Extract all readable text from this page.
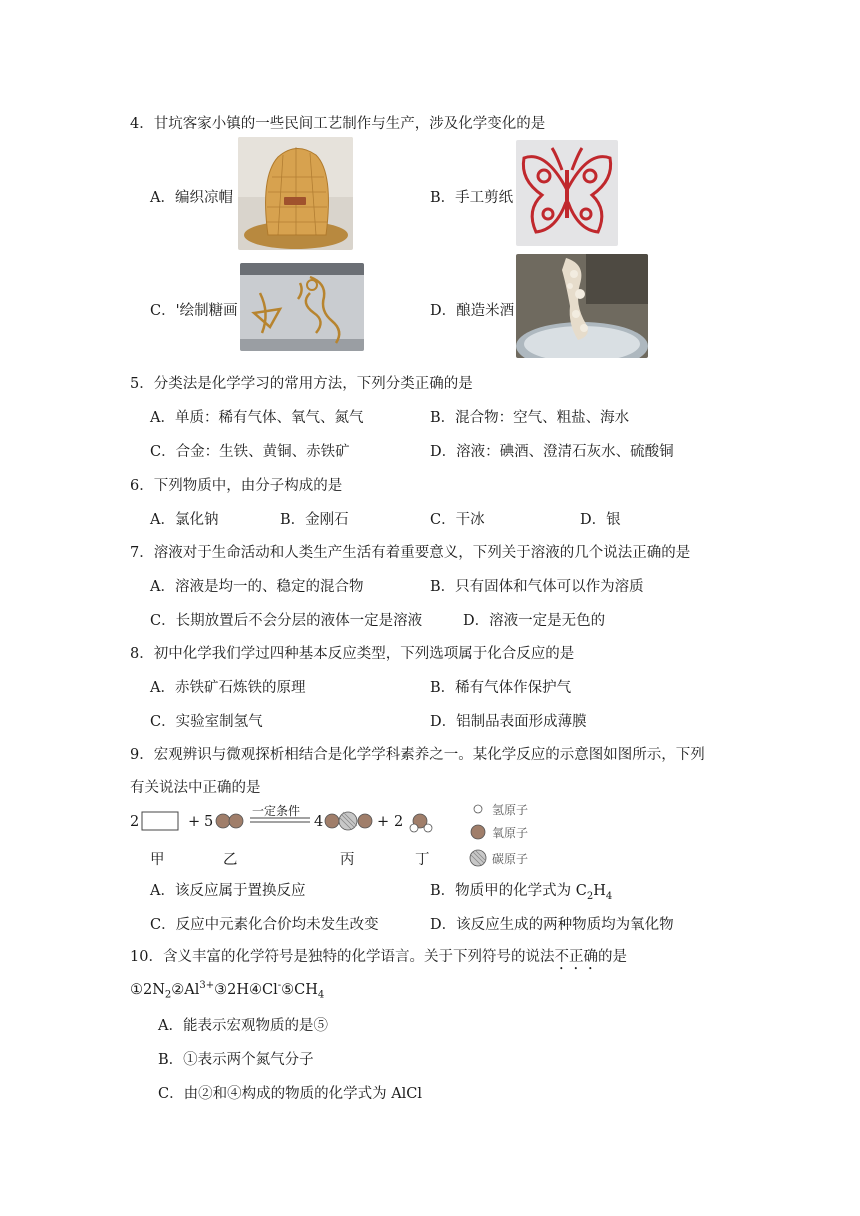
4．甘坑客家小镇的一些民间工艺制作与生产，涉及化学变化的是
A．编织凉帽	B．手工剪纸
C．'绘制糖画	D．酿造米酒
5．分类法是化学学习的常用方法，下列分类正确的是
A．单质：稀有气体、氧气、氮气	B．混合物：空气、粗盐、海水
C．合金：生铁、黄铜、赤铁矿	D．溶液：碘酒、澄清石灰水、硫酸铜
6．下列物质中，由分子构成的是
A．氯化钠	B．金刚石	C．干冰	D．银
7．溶液对于生命活动和人类生产生活有着重要意义，下列关于溶液的几个说法正确的是
A．溶液是均一的、稳定的混合物	B．只有固体和气体可以作为溶质
C．长期放置后不会分层的液体一定是溶液	D．溶液一定是无色的
8．初中化学我们学过四种基本反应类型，下列选项属于化合反应的是
A．赤铁矿石炼铁的原理	B．稀有气体作保护气
C．实验室制氢气	D．铝制品表面形成薄膜
9．宏观辨识与微观探析相结合是化学学科素养之一。某化学反应的示意图如图所示，下列
有关说法中正确的是
2	+ 5
一定条件
4	+ 2
甲	乙	丙	丁
氢原子
氧原子
碳原子
A．该反应属于置换反应	B．物质甲的化学式为 $C_2H_4$
C．反应中元素化合价均未发生改变	D．该反应生成的两种物质均为氧化物
10．含义丰富的化学符号是独特的化学语言。关于下列符号的说法不正确的是
$①2N_2②Al^{3+}③2H④Cl^-⑤CH_4$
A．能表示宏观物质的是⑤
B．①表示两个氮气分子
C．由②和④构成的物质的化学式为 AlCl
